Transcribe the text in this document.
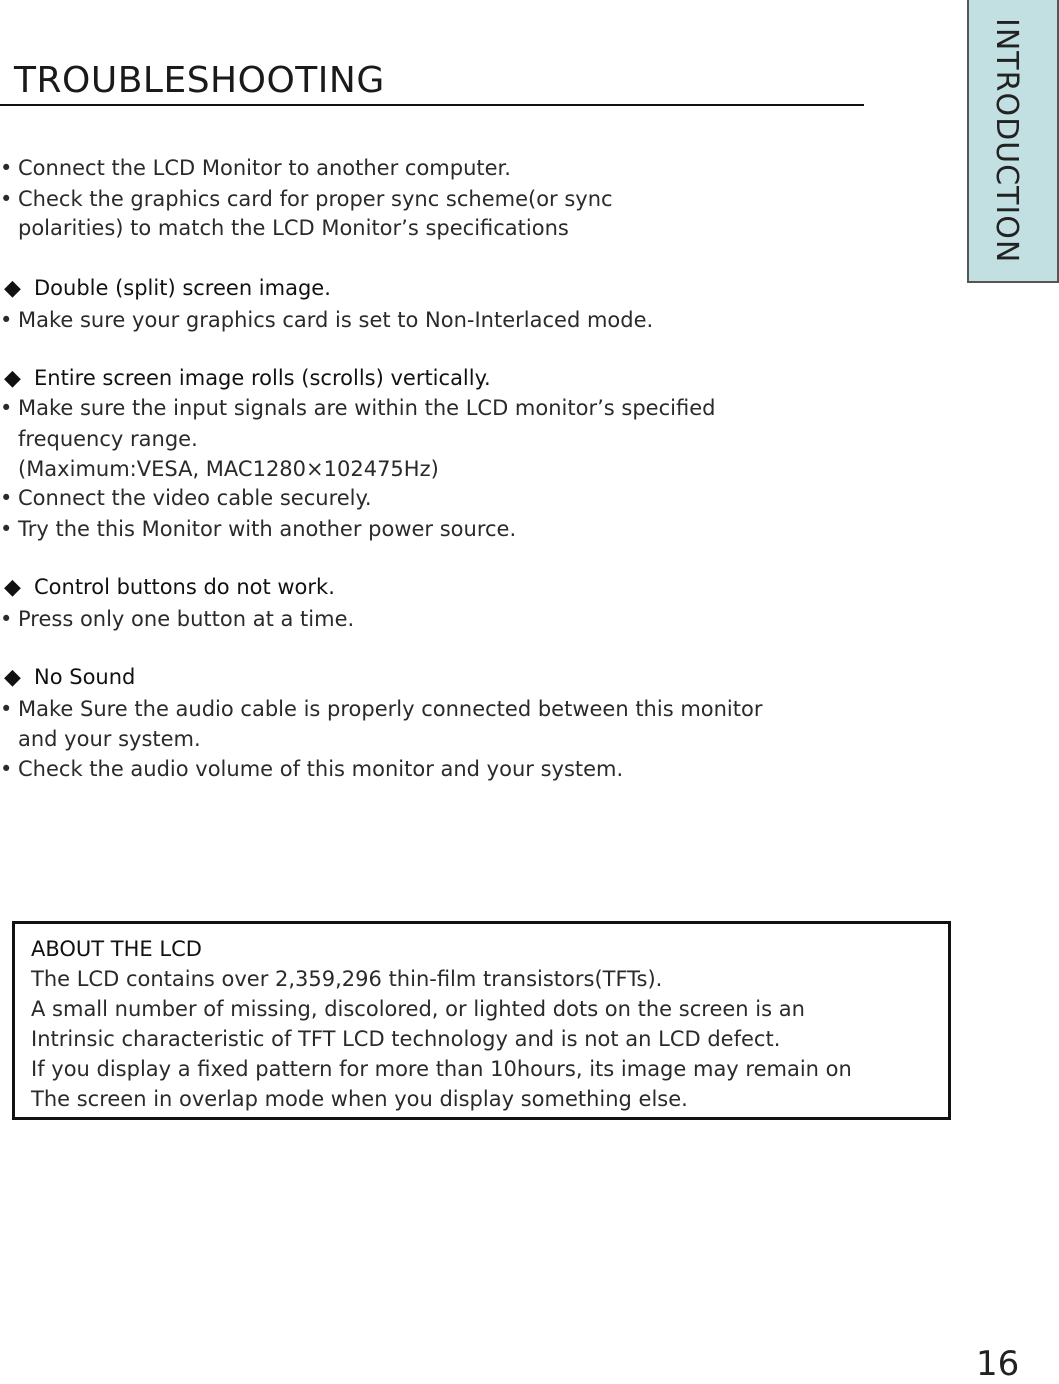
TROUBLESHOOTING	INTRODUCTION
• Connect the LCD Monitor to another computer.
• Check the graphics card for proper sync scheme(or sync
polarities) to match the LCD Monitor’s specifications
◆ Double (split) screen image.
• Make sure your graphics card is set to Non-Interlaced mode.
◆ Entire screen image rolls (scrolls) vertically.
• Make sure the input signals are within the LCD monitor’s specified
frequency range.
(Maximum:VESA, MAC1280×102475Hz)
• Connect the video cable securely.
• Try the this Monitor with another power source.
◆ Control buttons do not work.
• Press only one button at a time.
◆ No Sound
• Make Sure the audio cable is properly connected between this monitor
and your system.
• Check the audio volume of this monitor and your system.
ABOUT THE LCD
The LCD contains over 2,359,296 thin-film transistors(TFTs).
A small number of missing, discolored, or lighted dots on the screen is an
Intrinsic characteristic of TFT LCD technology and is not an LCD defect.
If you display a fixed pattern for more than 10hours, its image may remain on
The screen in overlap mode when you display something else.
16
